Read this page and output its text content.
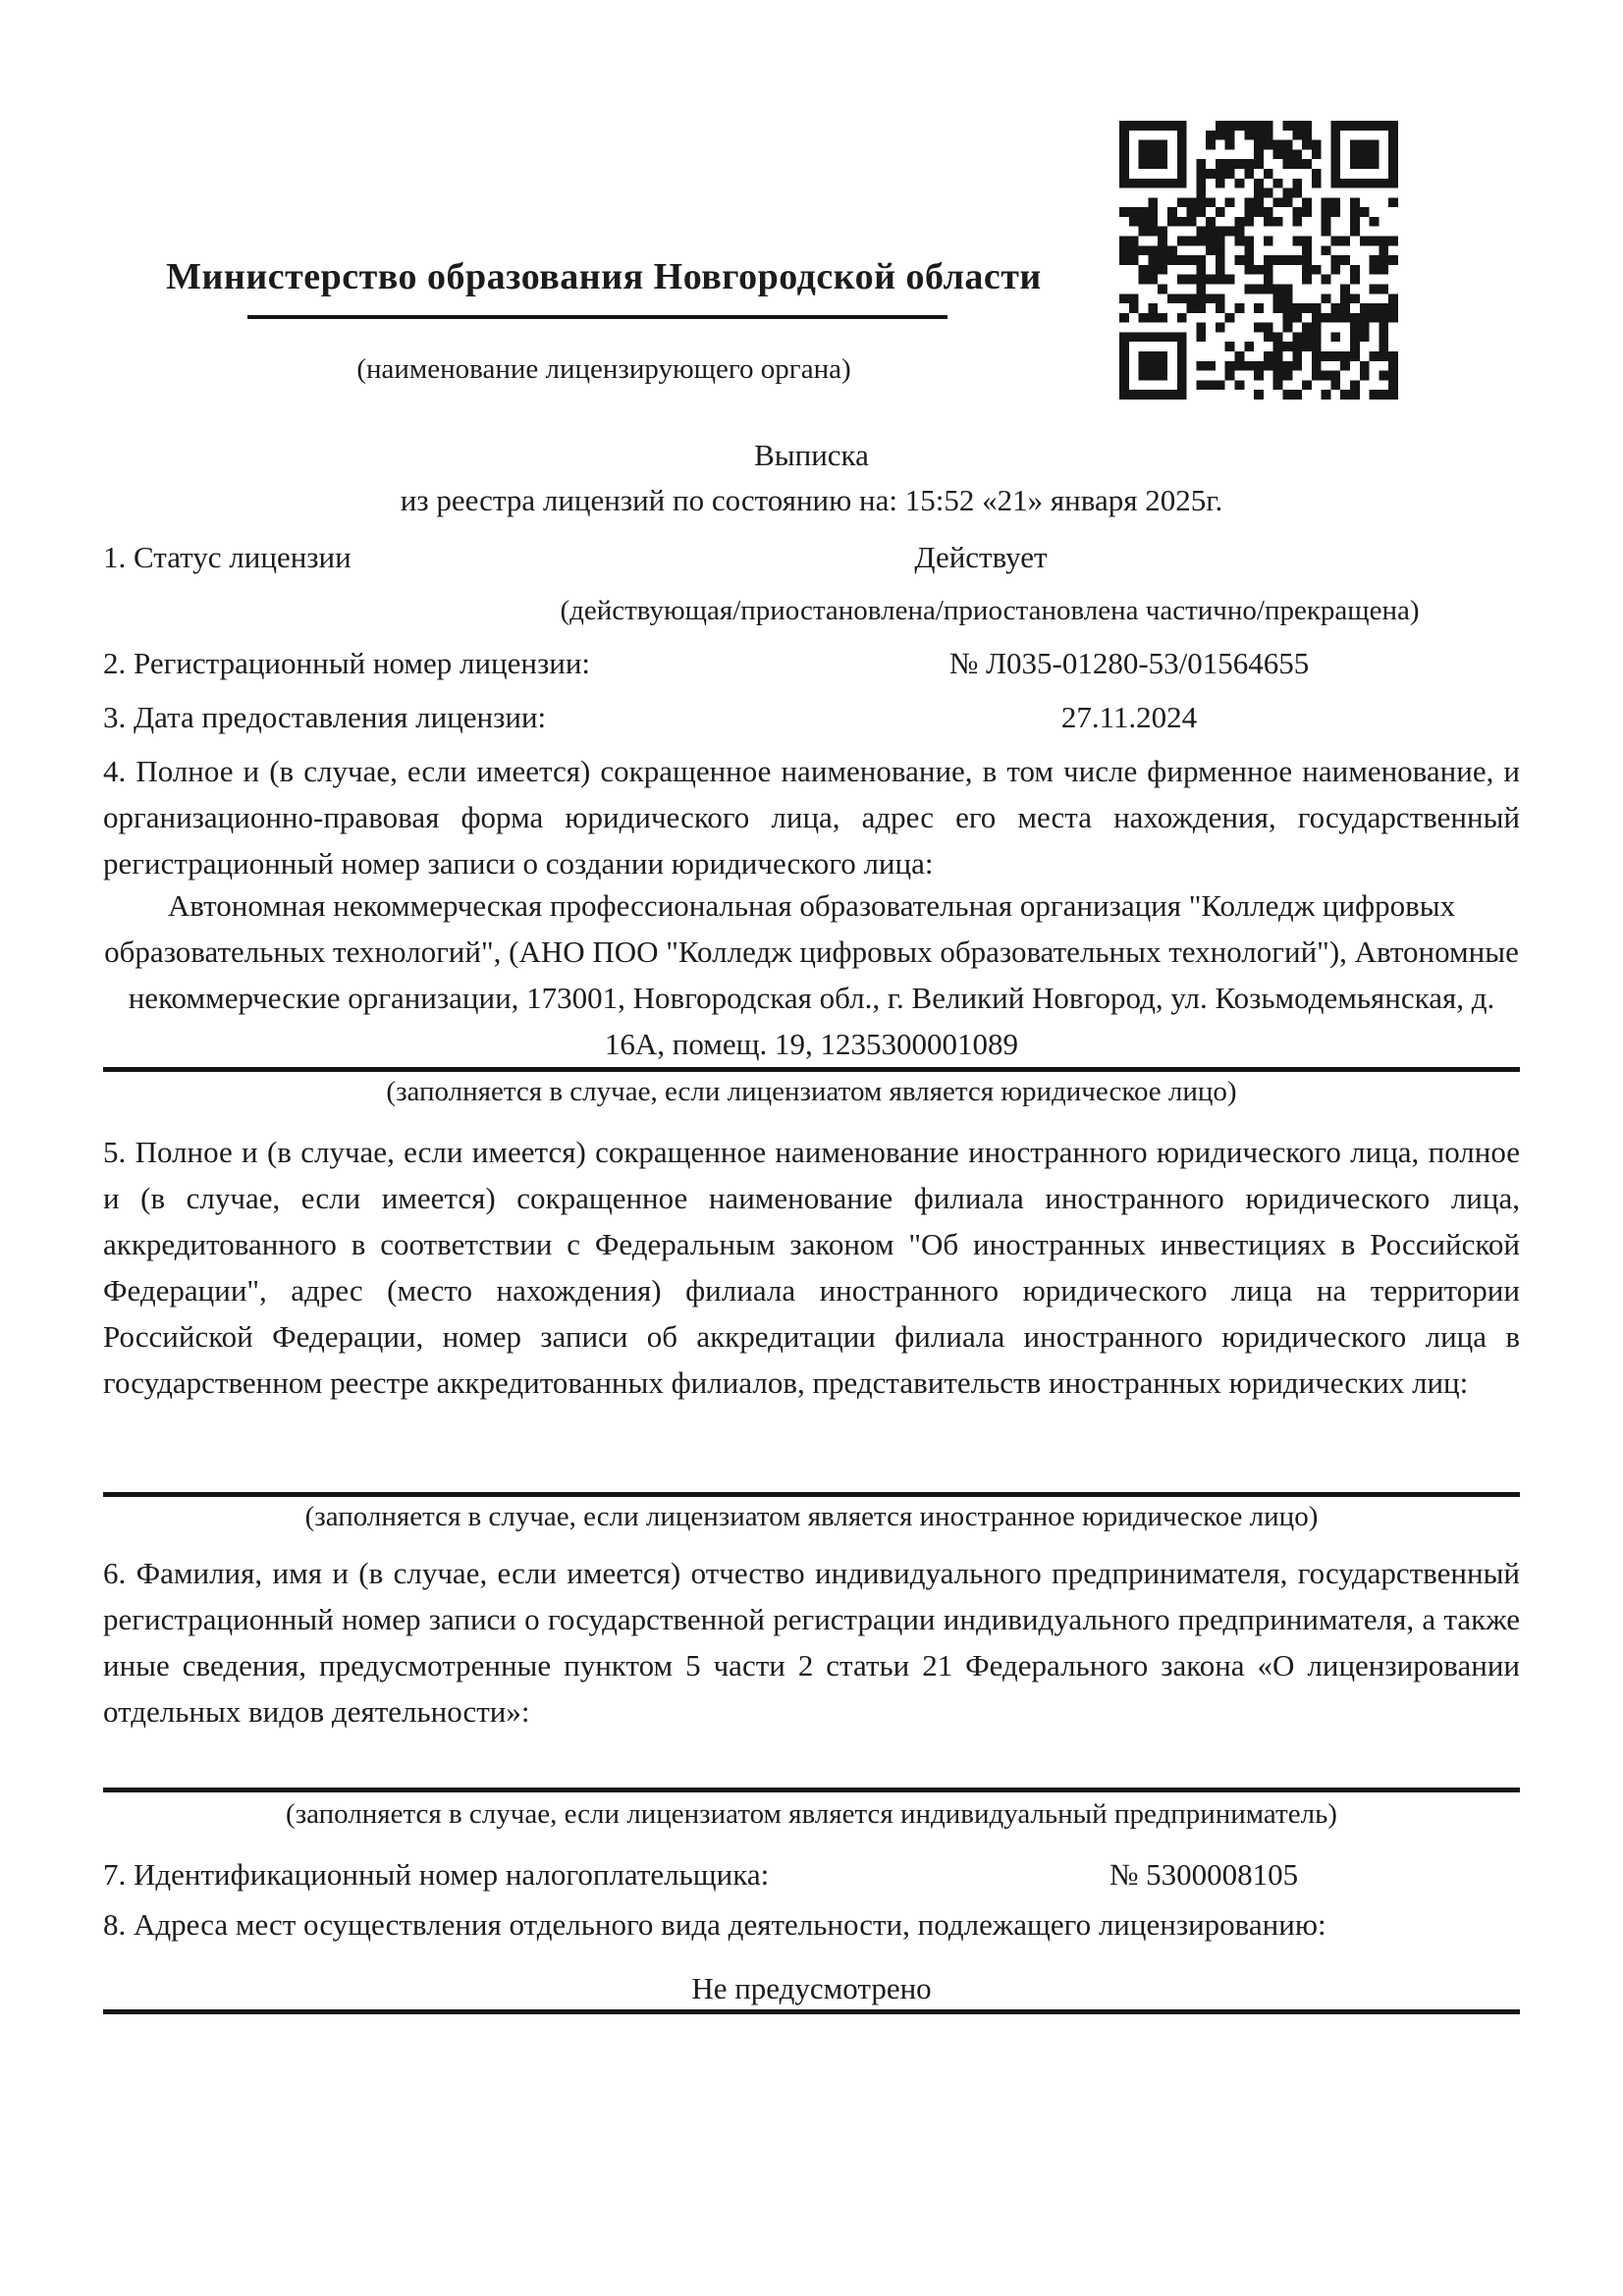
Министерство образования Новгородской области
(наименование лицензирующего органа)
Выписка
из реестра лицензий по состоянию на: 15:52 «21» января 2025г.
1. Статус лицензии	Действует
(действующая/приостановлена/приостановлена частично/прекращена)
2. Регистрационный номер лицензии:	№ Л035-01280-53/01564655
3. Дата предоставления лицензии:	27.11.2024
4. Полное и (в случае, если имеется) сокращенное наименование, в том числе фирменное наименование, и организационно-правовая форма юридического лица, адрес его места нахождения, государственный регистрационный номер записи о создании юридического лица:
Автономная некоммерческая профессиональная образовательная организация "Колледж цифровых образовательных технологий", (АНО ПОО "Колледж цифровых образовательных технологий"), Автономные некоммерческие организации, 173001, Новгородская обл., г. Великий Новгород, ул. Козьмодемьянская, д. 16А, помещ. 19, 1235300001089
(заполняется в случае, если лицензиатом является юридическое лицо)
5. Полное и (в случае, если имеется) сокращенное наименование иностранного юридического лица, полное и (в случае, если имеется) сокращенное наименование филиала иностранного юридического лица, аккредитованного в соответствии с Федеральным законом "Об иностранных инвестициях в Российской Федерации", адрес (место нахождения) филиала иностранного юридического лица на территории Российской Федерации, номер записи об аккредитации филиала иностранного юридического лица в государственном реестре аккредитованных филиалов, представительств иностранных юридических лиц:
(заполняется в случае, если лицензиатом является иностранное юридическое лицо)
6. Фамилия, имя и (в случае, если имеется) отчество индивидуального предпринимателя, государственный регистрационный номер записи о государственной регистрации индивидуального предпринимателя, а также иные сведения, предусмотренные пунктом 5 части 2 статьи 21 Федерального закона «О лицензировании отдельных видов деятельности»:
(заполняется в случае, если лицензиатом является индивидуальный предприниматель)
7. Идентификационный номер налогоплательщика:	№ 5300008105
8. Адреса мест осуществления отдельного вида деятельности, подлежащего лицензированию:
Не предусмотрено
